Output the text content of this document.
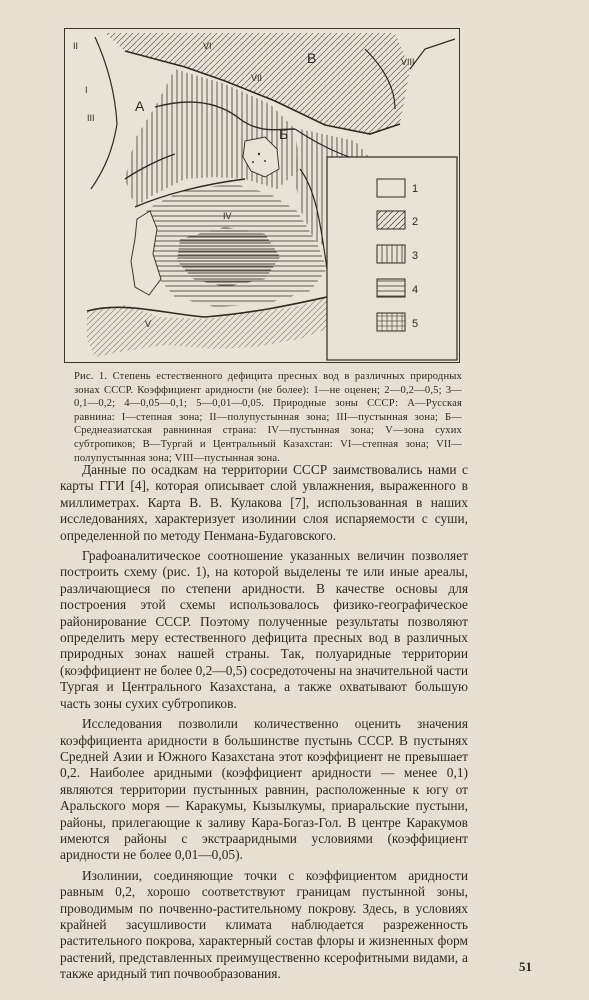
1
2
3
4
5
I
II
III
IV
V
VI
VII
VIII
А
Б
В

Рис. 1. Степень естественного дефицита пресных вод в различных природных зонах СССР. Коэффициент аридности (не более): 1—не оценен; 2—0,2—0,5; 3—0,1—0,2; 4—0,05—0,1; 5—0,01—0,05. Природные зоны СССР: А—Русская равнина: I—степная зона; II—полупустынная зона; III—пустынная зона; Б—Среднеазиатская равнинная страна: IV—пустынная зона; V—зона сухих субтропиков; В—Тургай и Центральный Казахстан: VI—степная зона; VII—полупустынная зона; VIII—пустынная зона.

Данные по осадкам на территории СССР заимствовались нами с карты ГГИ [4], которая описывает слой увлажнения, выраженного в миллиметрах. Карта В. В. Кулакова [7], использованная в наших исследованиях, характеризует изолинии слоя испаряемости с суши, определенной по методу Пенмана-Будаговского.

Графоаналитическое соотношение указанных величин позволяет построить схему (рис. 1), на которой выделены те или иные ареалы, различающиеся по степени аридности. В качестве основы для построения этой схемы использовалось физико-географическое районирование СССР. Поэтому полученные результаты позволяют определить меру естественного дефицита пресных вод в различных природных зонах нашей страны. Так, полуаридные территории (коэффициент не более 0,2—0,5) сосредоточены на значительной части Тургая и Центрального Казахстана, а также охватывают большую часть зоны сухих субтропиков.

Исследования позволили количественно оценить значения коэффициента аридности в большинстве пустынь СССР. В пустынях Средней Азии и Южного Казахстана этот коэффициент не превышает 0,2. Наиболее аридными (коэффициент аридности — менее 0,1) являются территории пустынных равнин, расположенные к югу от Аральского моря — Каракумы, Кызылкумы, приаральские пустыни, районы, прилегающие к заливу Кара-Богаз-Гол. В центре Каракумов имеются районы с экстрааридными условиями (коэффициент аридности не более 0,01—0,05).

Изолинии, соединяющие точки с коэффициентом аридности равным 0,2, хорошо соответствуют границам пустынной зоны, проводимым по почвенно-растительному покрову. Здесь, в условиях крайней засушливости климата наблюдается разреженность растительного покрова, характерный состав флоры и жизненных форм растений, представленных преимущественно ксерофитными видами, а также аридный тип почвообразования.	51
